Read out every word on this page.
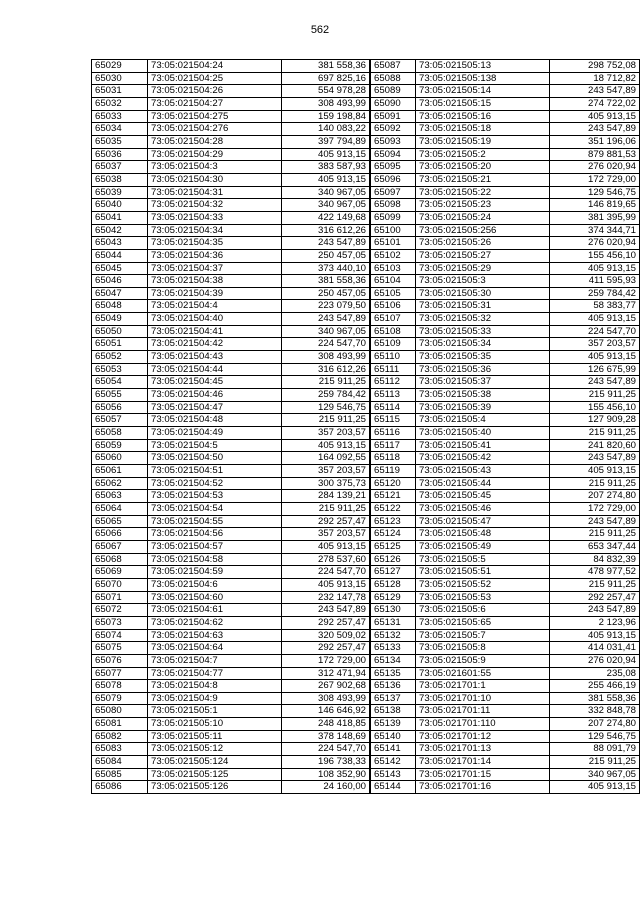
562
65029	73:05:021504:24	381 558,36
65030	73:05:021504:25	697 825,16
65031	73:05:021504:26	554 978,28
65032	73:05:021504:27	308 493,99
65033	73:05:021504:275	159 198,84
65034	73:05:021504:276	140 083,22
65035	73:05:021504:28	397 794,89
65036	73:05:021504:29	405 913,15
65037	73:05:021504:3	383 587,93
65038	73:05:021504:30	405 913,15
65039	73:05:021504:31	340 967,05
65040	73:05:021504:32	340 967,05
65041	73:05:021504:33	422 149,68
65042	73:05:021504:34	316 612,26
65043	73:05:021504:35	243 547,89
65044	73:05:021504:36	250 457,05
65045	73:05:021504:37	373 440,10
65046	73:05:021504:38	381 558,36
65047	73:05:021504:39	250 457,05
65048	73:05:021504:4	223 079,50
65049	73:05:021504:40	243 547,89
65050	73:05:021504:41	340 967,05
65051	73:05:021504:42	224 547,70
65052	73:05:021504:43	308 493,99
65053	73:05:021504:44	316 612,26
65054	73:05:021504:45	215 911,25
65055	73:05:021504:46	259 784,42
65056	73:05:021504:47	129 546,75
65057	73:05:021504:48	215 911,25
65058	73:05:021504:49	357 203,57
65059	73:05:021504:5	405 913,15
65060	73:05:021504:50	164 092,55
65061	73:05:021504:51	357 203,57
65062	73:05:021504:52	300 375,73
65063	73:05:021504:53	284 139,21
65064	73:05:021504:54	215 911,25
65065	73:05:021504:55	292 257,47
65066	73:05:021504:56	357 203,57
65067	73:05:021504:57	405 913,15
65068	73:05:021504:58	278 537,60
65069	73:05:021504:59	224 547,70
65070	73:05:021504:6	405 913,15
65071	73:05:021504:60	232 147,78
65072	73:05:021504:61	243 547,89
65073	73:05:021504:62	292 257,47
65074	73:05:021504:63	320 509,02
65075	73:05:021504:64	292 257,47
65076	73:05:021504:7	172 729,00
65077	73:05:021504:77	312 471,94
65078	73:05:021504:8	267 902,68
65079	73:05:021504:9	308 493,99
65080	73:05:021505:1	146 646,92
65081	73:05:021505:10	248 418,85
65082	73:05:021505:11	378 148,69
65083	73:05:021505:12	224 547,70
65084	73:05:021505:124	196 738,33
65085	73:05:021505:125	108 352,90
65086	73:05:021505:126	24 160,00
65087	73:05:021505:13	298 752,08
65088	73:05:021505:138	18 712,82
65089	73:05:021505:14	243 547,89
65090	73:05:021505:15	274 722,02
65091	73:05:021505:16	405 913,15
65092	73:05:021505:18	243 547,89
65093	73:05:021505:19	351 196,06
65094	73:05:021505:2	879 881,53
65095	73:05:021505:20	276 020,94
65096	73:05:021505:21	172 729,00
65097	73:05:021505:22	129 546,75
65098	73:05:021505:23	146 819,65
65099	73:05:021505:24	381 395,99
65100	73:05:021505:256	374 344,71
65101	73:05:021505:26	276 020,94
65102	73:05:021505:27	155 456,10
65103	73:05:021505:29	405 913,15
65104	73:05:021505:3	411 595,93
65105	73:05:021505:30	259 784,42
65106	73:05:021505:31	58 383,77
65107	73:05:021505:32	405 913,15
65108	73:05:021505:33	224 547,70
65109	73:05:021505:34	357 203,57
65110	73:05:021505:35	405 913,15
65111	73:05:021505:36	126 675,99
65112	73:05:021505:37	243 547,89
65113	73:05:021505:38	215 911,25
65114	73:05:021505:39	155 456,10
65115	73:05:021505:4	127 909,28
65116	73:05:021505:40	215 911,25
65117	73:05:021505:41	241 820,60
65118	73:05:021505:42	243 547,89
65119	73:05:021505:43	405 913,15
65120	73:05:021505:44	215 911,25
65121	73:05:021505:45	207 274,80
65122	73:05:021505:46	172 729,00
65123	73:05:021505:47	243 547,89
65124	73:05:021505:48	215 911,25
65125	73:05:021505:49	653 347,44
65126	73:05:021505:5	84 832,39
65127	73:05:021505:51	478 977,52
65128	73:05:021505:52	215 911,25
65129	73:05:021505:53	292 257,47
65130	73:05:021505:6	243 547,89
65131	73:05:021505:65	2 123,96
65132	73:05:021505:7	405 913,15
65133	73:05:021505:8	414 031,41
65134	73:05:021505:9	276 020,94
65135	73:05:021601:55	235,08
65136	73:05:021701:1	255 466,19
65137	73:05:021701:10	381 558,36
65138	73:05:021701:11	332 848,78
65139	73:05:021701:110	207 274,80
65140	73:05:021701:12	129 546,75
65141	73:05:021701:13	88 091,79
65142	73:05:021701:14	215 911,25
65143	73:05:021701:15	340 967,05
65144	73:05:021701:16	405 913,15
